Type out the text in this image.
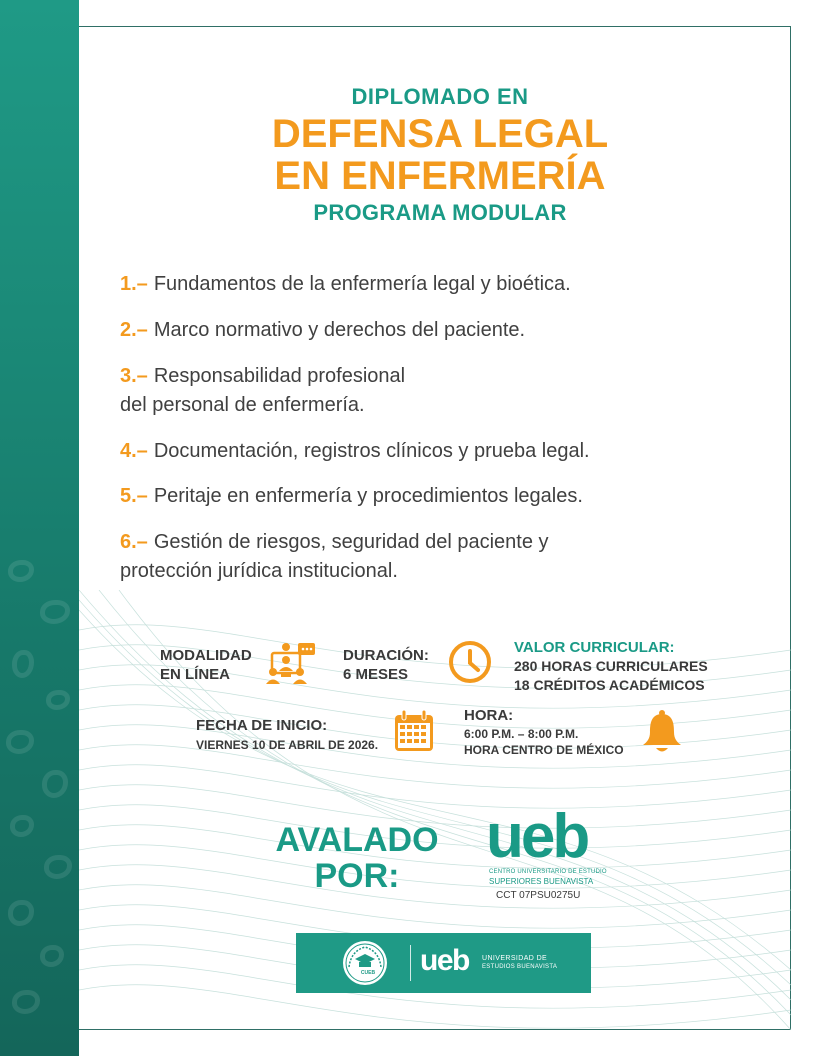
DIPLOMADO EN
DEFENSA LEGAL
EN ENFERMERÍA
PROGRAMA MODULAR
1.– Fundamentos de la enfermería legal y bioética.
2.– Marco normativo y derechos del paciente.
3.– Responsabilidad profesional
del personal de enfermería.
4.– Documentación, registros clínicos y prueba legal.
5.– Peritaje en enfermería y procedimientos legales.
6.– Gestión de riesgos, seguridad del paciente y
protección jurídica institucional.
MODALIDAD
EN LÍNEA
DURACIÓN:
6 MESES
VALOR CURRICULAR:
280 HORAS CURRICULARES
18 CRÉDITOS ACADÉMICOS
FECHA DE INICIO:
VIERNES 10 DE ABRIL DE 2026.
HORA:
6:00 P.M. – 8:00 P.M.
HORA CENTRO DE MÉXICO
AVALADO
POR:
ueb
CENTRO UNIVERSITARIO DE ESTUDIO
SUPERIORES BUENAVISTA
CCT 07PSU0275U
CUEB	ueb UNIVERSIDAD DE
ESTUDIOS BUENAVISTA
